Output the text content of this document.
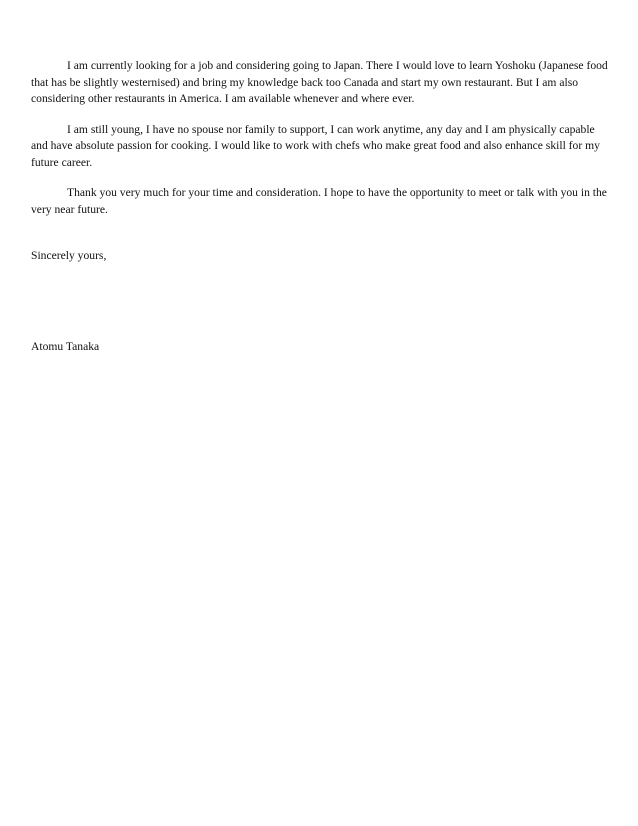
I am currently looking for a job and considering going to Japan. There I would love to learn Yoshoku (Japanese food that has be slightly westernised) and bring my knowledge back too Canada and start my own restaurant. But I am also considering other restaurants in America. I am available whenever and where ever.

I am still young, I have no spouse nor family to support, I can work anytime, any day and I am physically capable and have absolute passion for cooking. I would like to work with chefs who make great food and also enhance skill for my future career.

Thank you very much for your time and consideration. I hope to have the opportunity to meet or talk with you in the very near future.

Sincerely yours,

Atomu Tanaka
